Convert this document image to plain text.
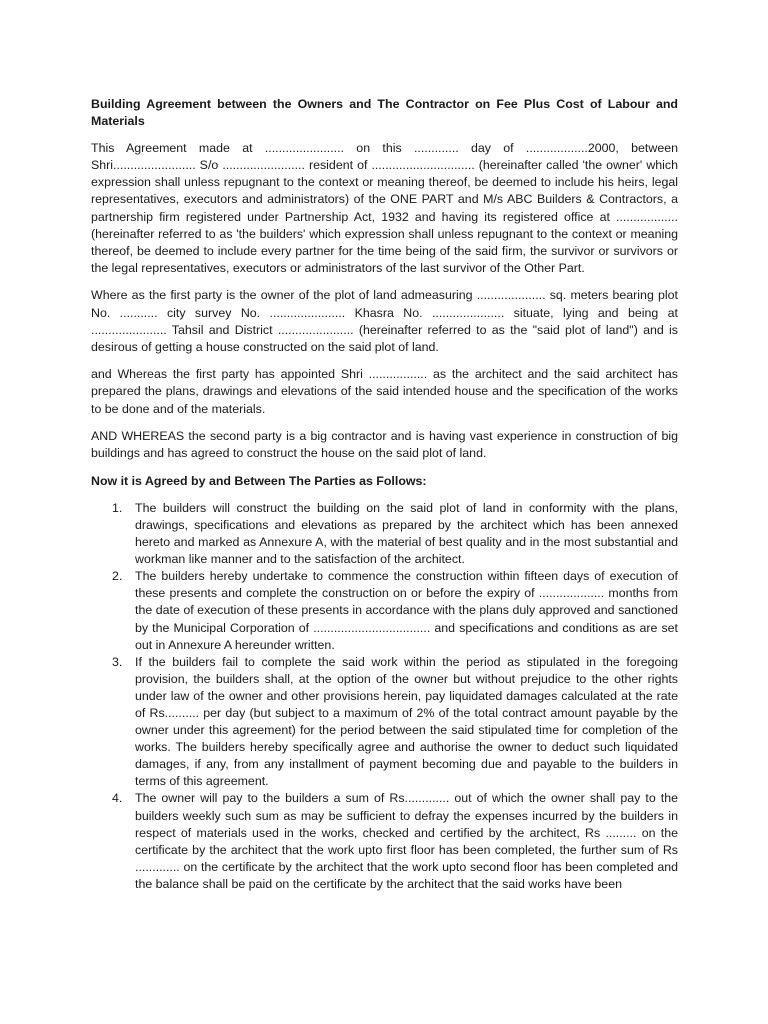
Building Agreement between the Owners and The Contractor on Fee Plus Cost of Labour and Materials

This Agreement made at ....................... on this ............. day of ..................2000, between Shri........................ S/o ........................ resident of .............................. (hereinafter called 'the owner' which expression shall unless repugnant to the context or meaning thereof, be deemed to include his heirs, legal representatives, executors and administrators) of the ONE PART and M/s ABC Builders & Contractors, a partnership firm registered under Partnership Act, 1932 and having its registered office at .................. (hereinafter referred to as 'the builders' which expression shall unless repugnant to the context or meaning thereof, be deemed to include every partner for the time being of the said firm, the survivor or survivors or the legal representatives, executors or administrators of the last survivor of the Other Part.

Where as the first party is the owner of the plot of land admeasuring .................... sq. meters bearing plot No. ........... city survey No. ...................... Khasra No. ..................... situate, lying and being at ...................... Tahsil and District ...................... (hereinafter referred to as the "said plot of land") and is desirous of getting a house constructed on the said plot of land.

and Whereas the first party has appointed Shri ................. as the architect and the said architect has prepared the plans, drawings and elevations of the said intended house and the specification of the works to be done and of the materials.

AND WHEREAS the second party is a big contractor and is having vast experience in construction of big buildings and has agreed to construct the house on the said plot of land.

Now it is Agreed by and Between The Parties as Follows:

1. The builders will construct the building on the said plot of land in conformity with the plans, drawings, specifications and elevations as prepared by the architect which has been annexed hereto and marked as Annexure A, with the material of best quality and in the most substantial and workman like manner and to the satisfaction of the architect.
2. The builders hereby undertake to commence the construction within fifteen days of execution of these presents and complete the construction on or before the expiry of ................... months from the date of execution of these presents in accordance with the plans duly approved and sanctioned by the Municipal Corporation of .................................. and specifications and conditions as are set out in Annexure A hereunder written.
3. If the builders fail to complete the said work within the period as stipulated in the foregoing provision, the builders shall, at the option of the owner but without prejudice to the other rights under law of the owner and other provisions herein, pay liquidated damages calculated at the rate of Rs.......... per day (but subject to a maximum of 2% of the total contract amount payable by the owner under this agreement) for the period between the said stipulated time for completion of the works. The builders hereby specifically agree and authorise the owner to deduct such liquidated damages, if any, from any installment of payment becoming due and payable to the builders in terms of this agreement.
4. The owner will pay to the builders a sum of Rs............. out of which the owner shall pay to the builders weekly such sum as may be sufficient to defray the expenses incurred by the builders in respect of materials used in the works, checked and certified by the architect, Rs ......... on the certificate by the architect that the work upto first floor has been completed, the further sum of Rs ............. on the certificate by the architect that the work upto second floor has been completed and the balance shall be paid on the certificate by the architect that the said works have been
